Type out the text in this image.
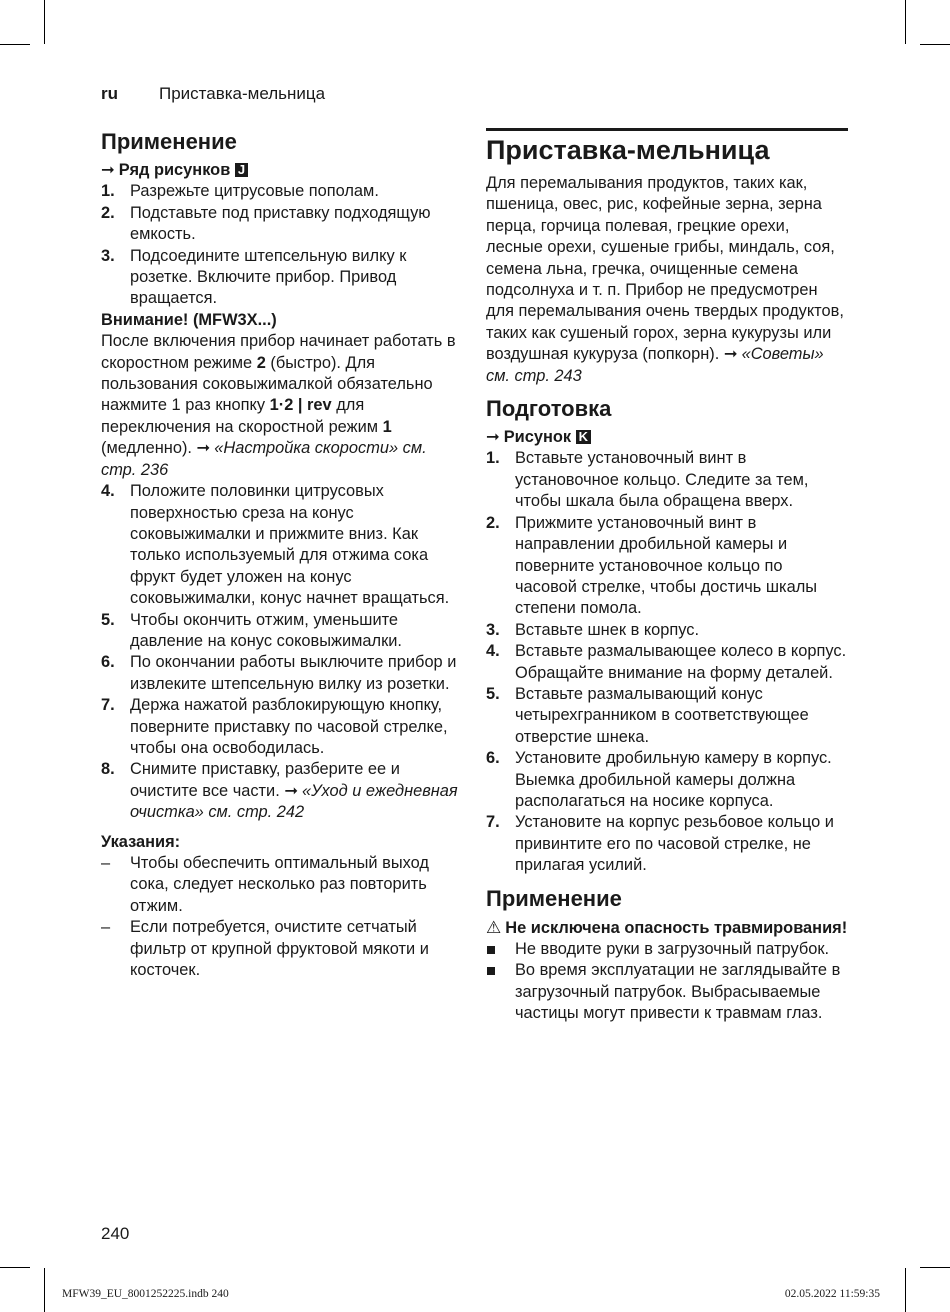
ru Приставка-мельница
Применение

➞ Ряд рисунков J

1. Разрежьте цитрусовые пополам.
2. Подставьте под приставку подходящую емкость.
3. Подсоедините штепсельную вилку к розетке. Включите прибор. Привод вращается.

Внимание! (MFW3X...)

После включения прибор начинает работать в скоростном режиме 2 (быстро). Для пользования соковыжималкой обязательно нажмите 1 раз кнопку 1·2 | rev для переключения на скоростной режим 1 (медленно). ➞ «Настройка скорости» см. стр. 236

4. Положите половинки цитрусовых поверхностью среза на конус соковыжималки и прижмите вниз. Как только используемый для отжима сока фрукт будет уложен на конус соковыжималки, конус начнет вращаться.
5. Чтобы окончить отжим, уменьшите давление на конус соковыжималки.
6. По окончании работы выключите прибор и извлеките штепсельную вилку из розетки.
7. Держа нажатой разблокирующую кнопку, поверните приставку по часовой стрелке, чтобы она освободилась.
8. Снимите приставку, разберите ее и очистите все части. ➞ «Уход и ежедневная очистка» см. стр. 242

Указания:

– Чтобы обеспечить оптимальный выход сока, следует несколько раз повторить отжим.
– Если потребуется, очистите сетчатый фильтр от крупной фруктовой мякоти и косточек.
Приставка-мельница

Для перемалывания продуктов, таких как, пшеница, овес, рис, кофейные зерна, зерна перца, горчица полевая, грецкие орехи, лесные орехи, сушеные грибы, миндаль, соя, семена льна, гречка, очищенные семена подсолнуха и т. п. Прибор не предусмотрен для перемалывания очень твердых продуктов, таких как сушеный горох, зерна кукурузы или воздушная кукуруза (попкорн). ➞ «Советы» см. стр. 243

Подготовка

➞ Рисунок K

1. Вставьте установочный винт в установочное кольцо. Следите за тем, чтобы шкала была обращена вверх.
2. Прижмите установочный винт в направлении дробильной камеры и поверните установочное кольцо по часовой стрелке, чтобы достичь шкалы степени помола.
3. Вставьте шнек в корпус.
4. Вставьте размалывающее колесо в корпус. Обращайте внимание на форму деталей.
5. Вставьте размалывающий конус четырехгранником в соответствующее отверстие шнека.
6. Установите дробильную камеру в корпус. Выемка дробильной камеры должна располагаться на носике корпуса.
7. Установите на корпус резьбовое кольцо и привинтите его по часовой стрелке, не прилагая усилий.
Применение

⚠ Не исключена опасность травмирования!

Не вводите руки в загрузочный патрубок.
Во время эксплуатации не заглядывайте в загрузочный патрубок. Выбрасываемые частицы могут привести к травмам глаз.
240
MFW39_EU_8001252225.indb 240	02.05.2022 11:59:35
